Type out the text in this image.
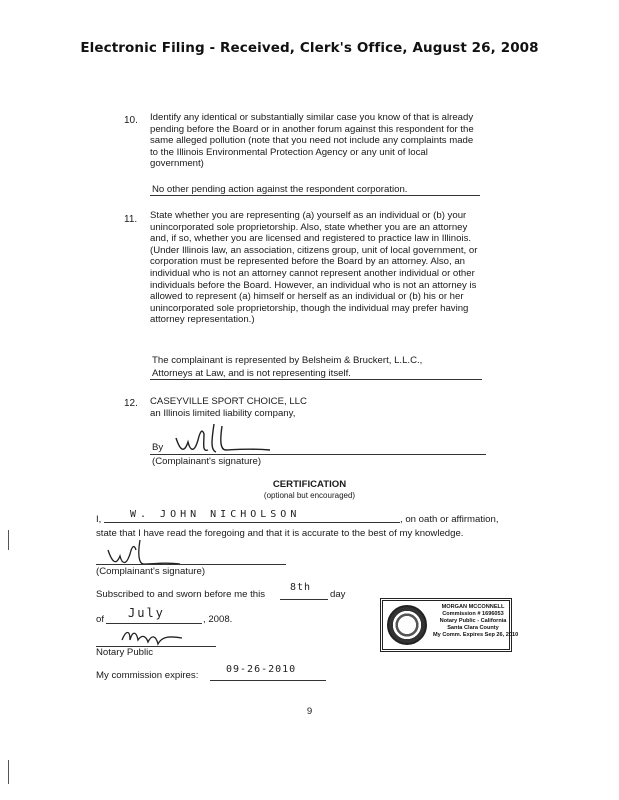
Electronic Filing - Received, Clerk's Office, August 26, 2008
10. Identify any identical or substantially similar case you know of that is already pending before the Board or in another forum against this respondent for the same alleged pollution (note that you need not include any complaints made to the Illinois Environmental Protection Agency or any unit of local government)
No other pending action against the respondent corporation.
11. State whether you are representing (a) yourself as an individual or (b) your unincorporated sole proprietorship. Also, state whether you are an attorney and, if so, whether you are licensed and registered to practice law in Illinois. (Under Illinois law, an association, citizens group, unit of local government, or corporation must be represented before the Board by an attorney. Also, an individual who is not an attorney cannot represent another individual or other individuals before the Board. However, an individual who is not an attorney is allowed to represent (a) himself or herself as an individual or (b) his or her unincorporated sole proprietorship, though the individual may prefer having attorney representation.)
The complainant is represented by Belsheim & Bruckert, L.L.C.,
Attorneys at Law, and is not representing itself.
12. CASEYVILLE SPORT CHOICE, LLC
an Illinois limited liability company,
By
(Complainant's signature)
CERTIFICATION
(optional but encouraged)
I,	W. JOHN NICHOLSON	, on oath or affirmation,
state that I have read the foregoing and that it is accurate to the best of my knowledge.
(Complainant's signature)
Subscribed to and sworn before me this
8th
day
of July	, 2008.
Notary Public
My commission expires:
09-26-2010
MORGAN MCCONNELL
Commission # 1696053
Notary Public - California
Santa Clara County
My Comm. Expires Sep 26, 2010
9
